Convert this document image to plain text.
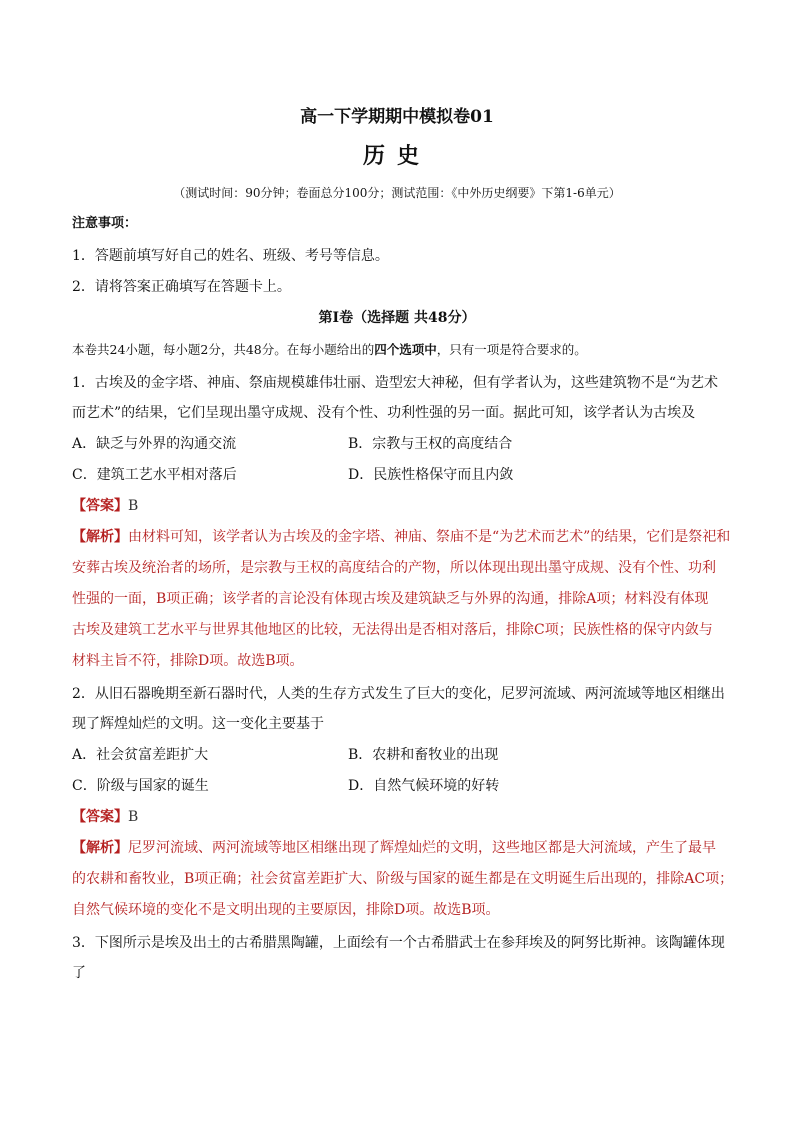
高一下学期期中模拟卷01
历史
（测试时间：90分钟；卷面总分100分；测试范围：《中外历史纲要》下第1-6单元）
注意事项：
1．答题前填写好自己的姓名、班级、考号等信息。
2．请将答案正确填写在答题卡上。
第I卷（选择题 共48分）
本卷共24小题，每小题2分，共48分。在每小题给出的四个选项中，只有一项是符合要求的。
1．古埃及的金字塔、神庙、祭庙规模雄伟壮丽、造型宏大神秘，但有学者认为，这些建筑物不是“为艺术
而艺术”的结果，它们呈现出墨守成规、没有个性、功利性强的另一面。据此可知，该学者认为古埃及
A．缺乏与外界的沟通交流	B．宗教与王权的高度结合
C．建筑工艺水平相对落后	D．民族性格保守而且内敛
【答案】B
【解析】由材料可知，该学者认为古埃及的金字塔、神庙、祭庙不是“为艺术而艺术”的结果，它们是祭祀和
安葬古埃及统治者的场所，是宗教与王权的高度结合的产物，所以体现出现出墨守成规、没有个性、功利
性强的一面，B项正确；该学者的言论没有体现古埃及建筑缺乏与外界的沟通，排除A项；材料没有体现
古埃及建筑工艺水平与世界其他地区的比较，无法得出是否相对落后，排除C项；民族性格的保守内敛与
材料主旨不符，排除D项。故选B项。
2．从旧石器晚期至新石器时代，人类的生存方式发生了巨大的变化，尼罗河流域、两河流域等地区相继出
现了辉煌灿烂的文明。这一变化主要基于
A．社会贫富差距扩大	B．农耕和畜牧业的出现
C．阶级与国家的诞生	D．自然气候环境的好转
【答案】B
【解析】尼罗河流域、两河流域等地区相继出现了辉煌灿烂的文明，这些地区都是大河流域，产生了最早
的农耕和畜牧业，B项正确；社会贫富差距扩大、阶级与国家的诞生都是在文明诞生后出现的，排除AC项；
自然气候环境的变化不是文明出现的主要原因，排除D项。故选B项。
3．下图所示是埃及出土的古希腊黑陶罐，上面绘有一个古希腊武士在参拜埃及的阿努比斯神。该陶罐体现
了
